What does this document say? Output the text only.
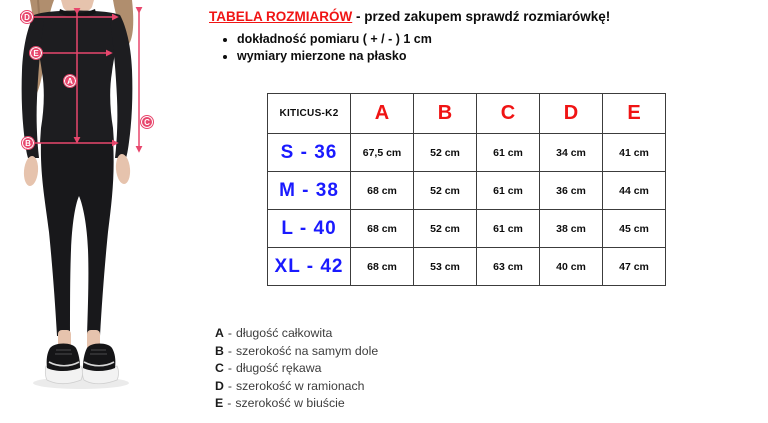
D
E
A
B
C
TABELA ROZMIARÓW - przed zakupem sprawdź rozmiarówkę!
• dokładność pomiaru ( + / - ) 1 cm
• wymiary mierzone na płasko
KITICUS-K2	A	B	C	D	E
S - 36	67,5 cm	52 cm	61 cm	34 cm	41 cm
M - 38	68 cm	52 cm	61 cm	36 cm	44 cm
L - 40	68 cm	52 cm	61 cm	38 cm	45 cm
XL - 42	68 cm	53 cm	63 cm	40 cm	47 cm
A - długość całkowita
B - szerokość na samym dole
C - długość rękawa
D - szerokość w ramionach
E - szerokość w biuście
